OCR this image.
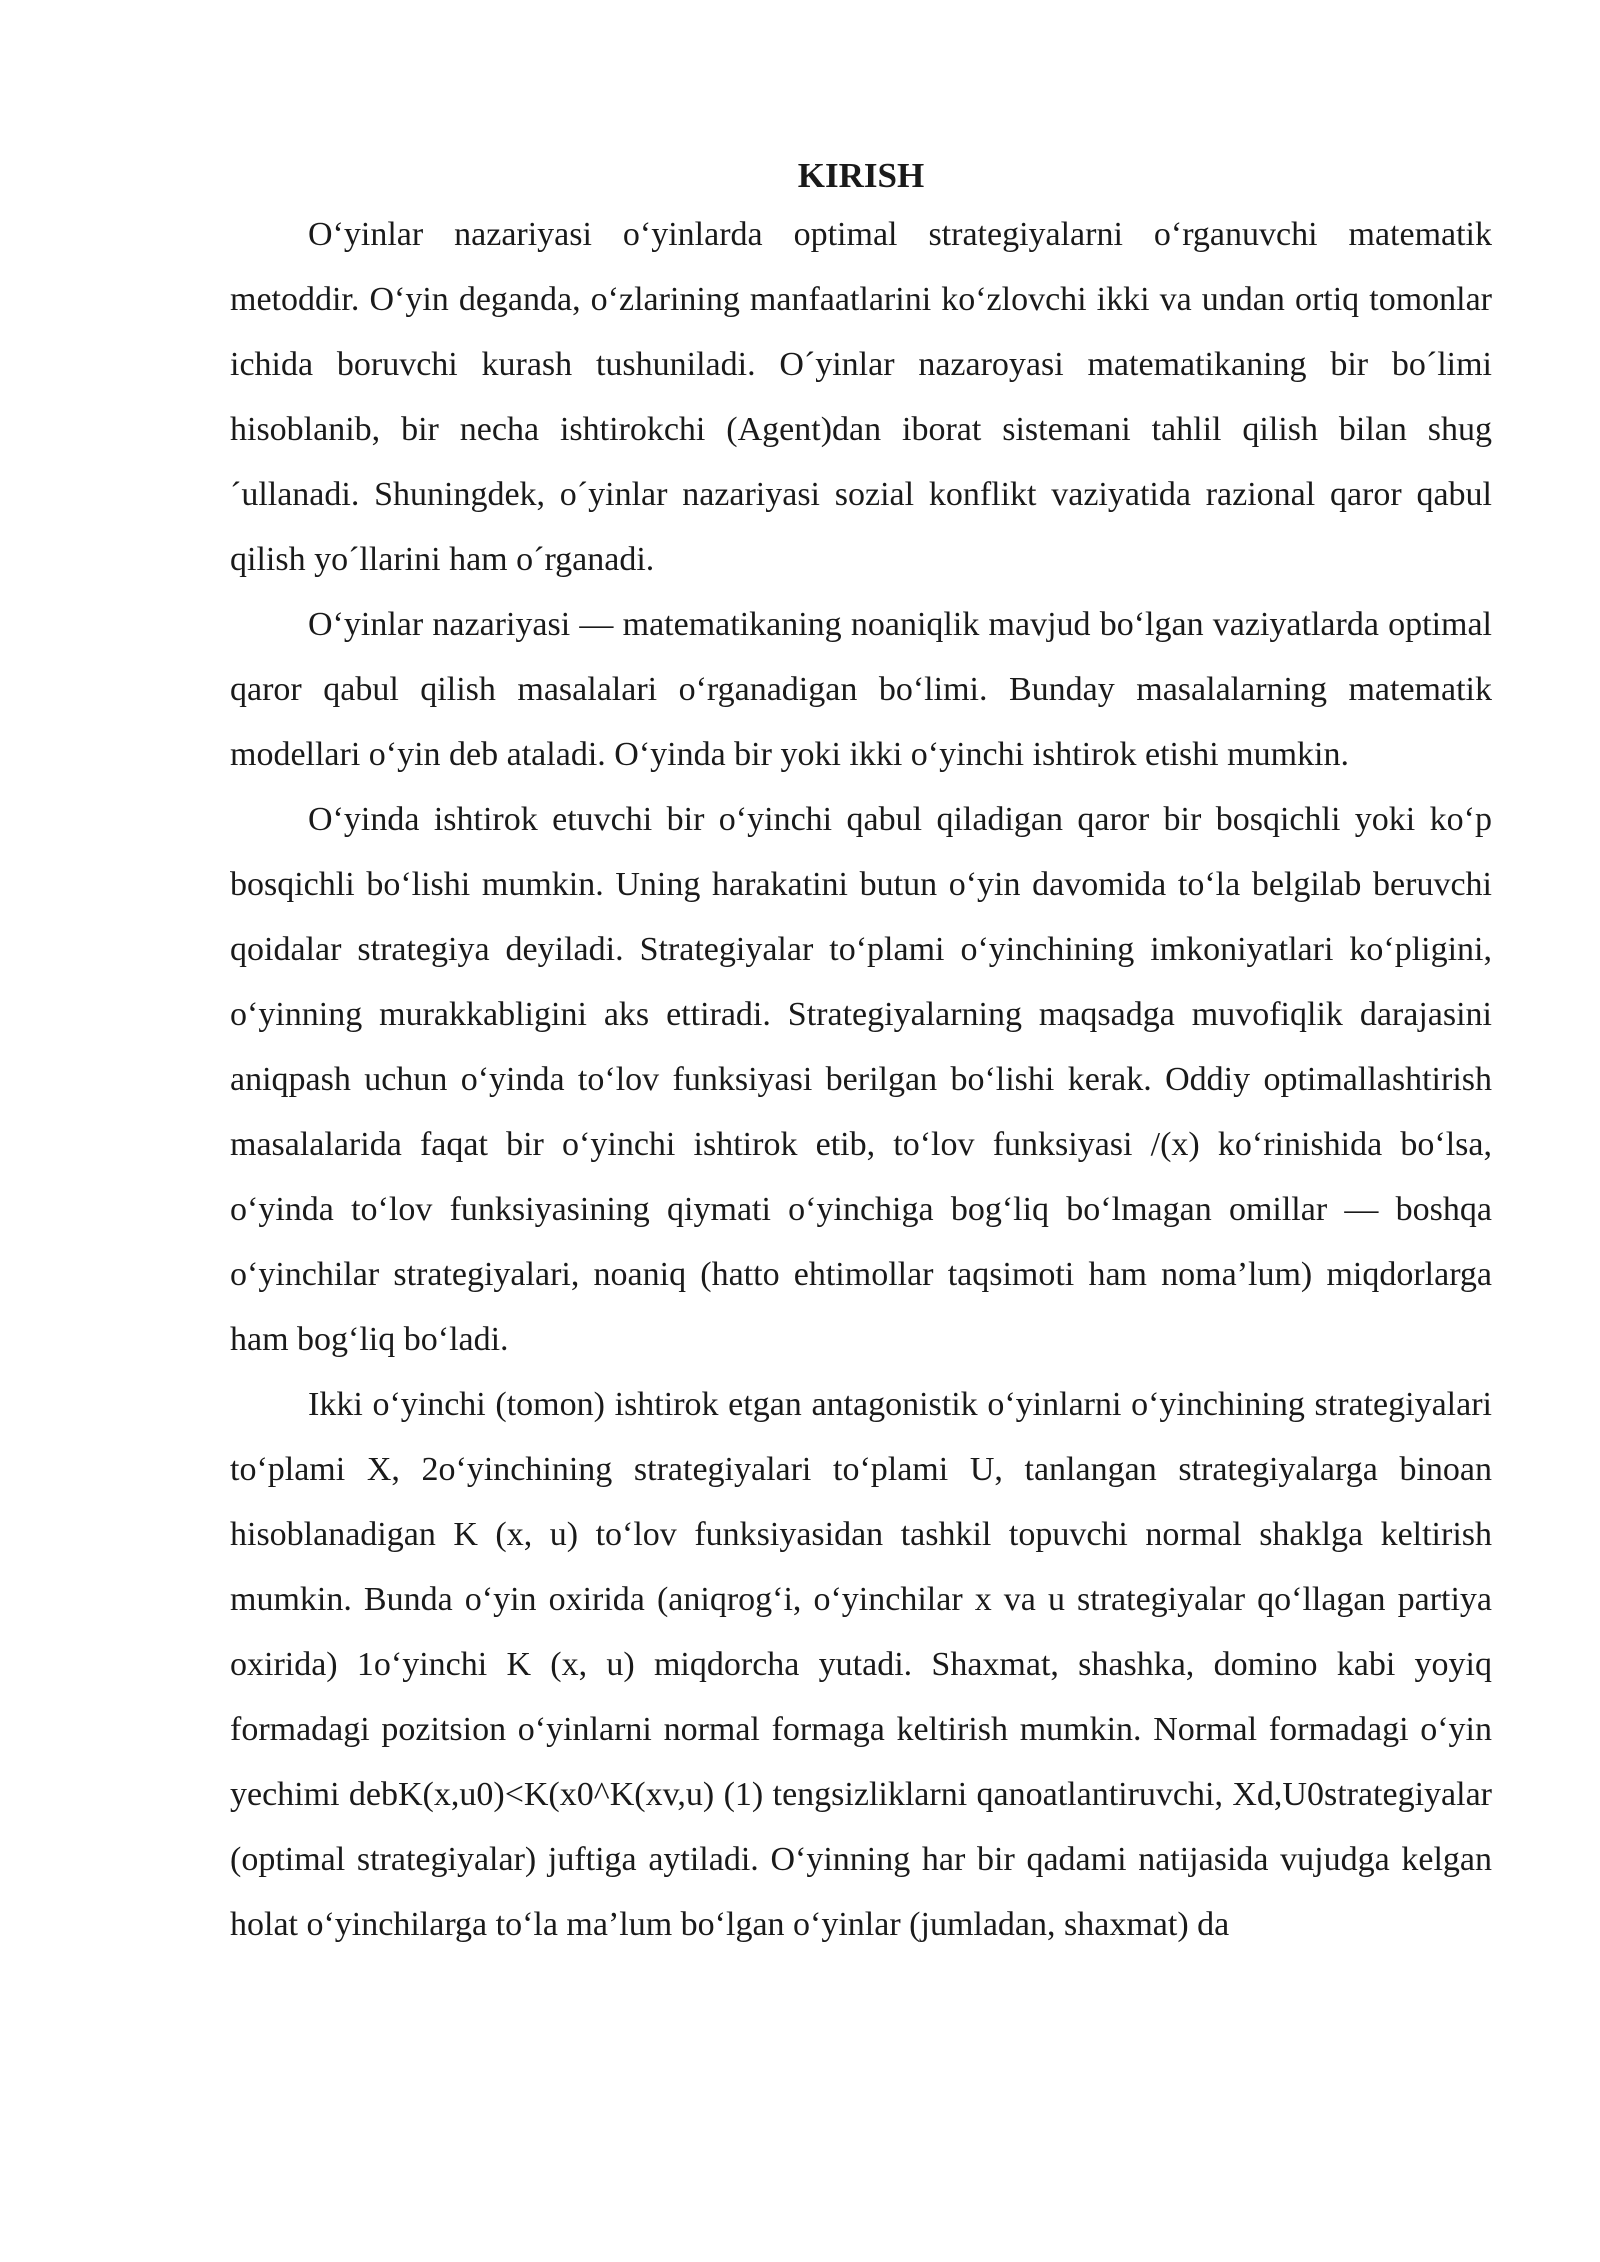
KIRISH

O‘yinlar nazariyasi o‘yinlarda optimal strategiyalarni o‘rganuvchi matematik metoddir. O‘yin deganda, o‘zlarining manfaatlarini ko‘zlovchi ikki va undan ortiq tomonlar ichida boruvchi kurash tushuniladi. O´yinlar nazaroyasi matematikaning bir bo´limi hisoblanib, bir necha ishtirokchi (Agent)dan iborat sistemani tahlil qilish bilan shug´ullanadi. Shuningdek, o´yinlar nazariyasi sozial konflikt vaziyatida razional qaror qabul qilish yo´llarini ham o´rganadi.

O‘yinlar nazariyasi — matematikaning noaniqlik mavjud bo‘lgan vaziyatlarda optimal qaror qabul qilish masalalari o‘rganadigan bo‘limi. Bunday masalalarning matematik modellari o‘yin deb ataladi. O‘yinda bir yoki ikki o‘yinchi ishtirok etishi mumkin.

O‘yinda ishtirok etuvchi bir o‘yinchi qabul qiladigan qaror bir bosqichli yoki ko‘p bosqichli bo‘lishi mumkin. Uning harakatini butun o‘yin davomida to‘la belgilab beruvchi qoidalar strategiya deyiladi. Strategiyalar to‘plami o‘yinchining imkoniyatlari ko‘pligini, o‘yinning murakkabligini aks ettiradi. Strategiyalarning maqsadga muvofiqlik darajasini aniqpash uchun o‘yinda to‘lov funksiyasi berilgan bo‘lishi kerak. Oddiy optimallashtirish masalalarida faqat bir o‘yinchi ishtirok etib, to‘lov funksiyasi /(x) ko‘rinishida bo‘lsa, o‘yinda to‘lov funksiyasining qiymati o‘yinchiga bog‘liq bo‘lmagan omillar — boshqa o‘yinchilar strategiyalari, noaniq (hatto ehtimollar taqsimoti ham noma’lum) miqdorlarga ham bog‘liq bo‘ladi.

Ikki o‘yinchi (tomon) ishtirok etgan antagonistik o‘yinlarni o‘yinchining strategiyalari to‘plami X, 2o‘yinchining strategiyalari to‘plami U, tanlangan strategiyalarga binoan hisoblanadigan K (x, u) to‘lov funksiyasidan tashkil topuvchi normal shaklga keltirish mumkin. Bunda o‘yin oxirida (aniqrog‘i, o‘yinchilar x va u strategiyalar qo‘llagan partiya oxirida) 1o‘yinchi K (x, u) miqdorcha yutadi. Shaxmat, shashka, domino kabi yoyiq formadagi pozitsion o‘yinlarni normal formaga keltirish mumkin. Normal formadagi o‘yin yechimi debK(x,u0)<K(x0^K(xv,u) (1) tengsizliklarni qanoatlantiruvchi, Xd,U0strategiyalar (optimal strategiyalar) juftiga aytiladi. O‘yinning har bir qadami natijasida vujudga kelgan holat o‘yinchilarga to‘la ma’lum bo‘lgan o‘yinlar (jumladan, shaxmat) da
